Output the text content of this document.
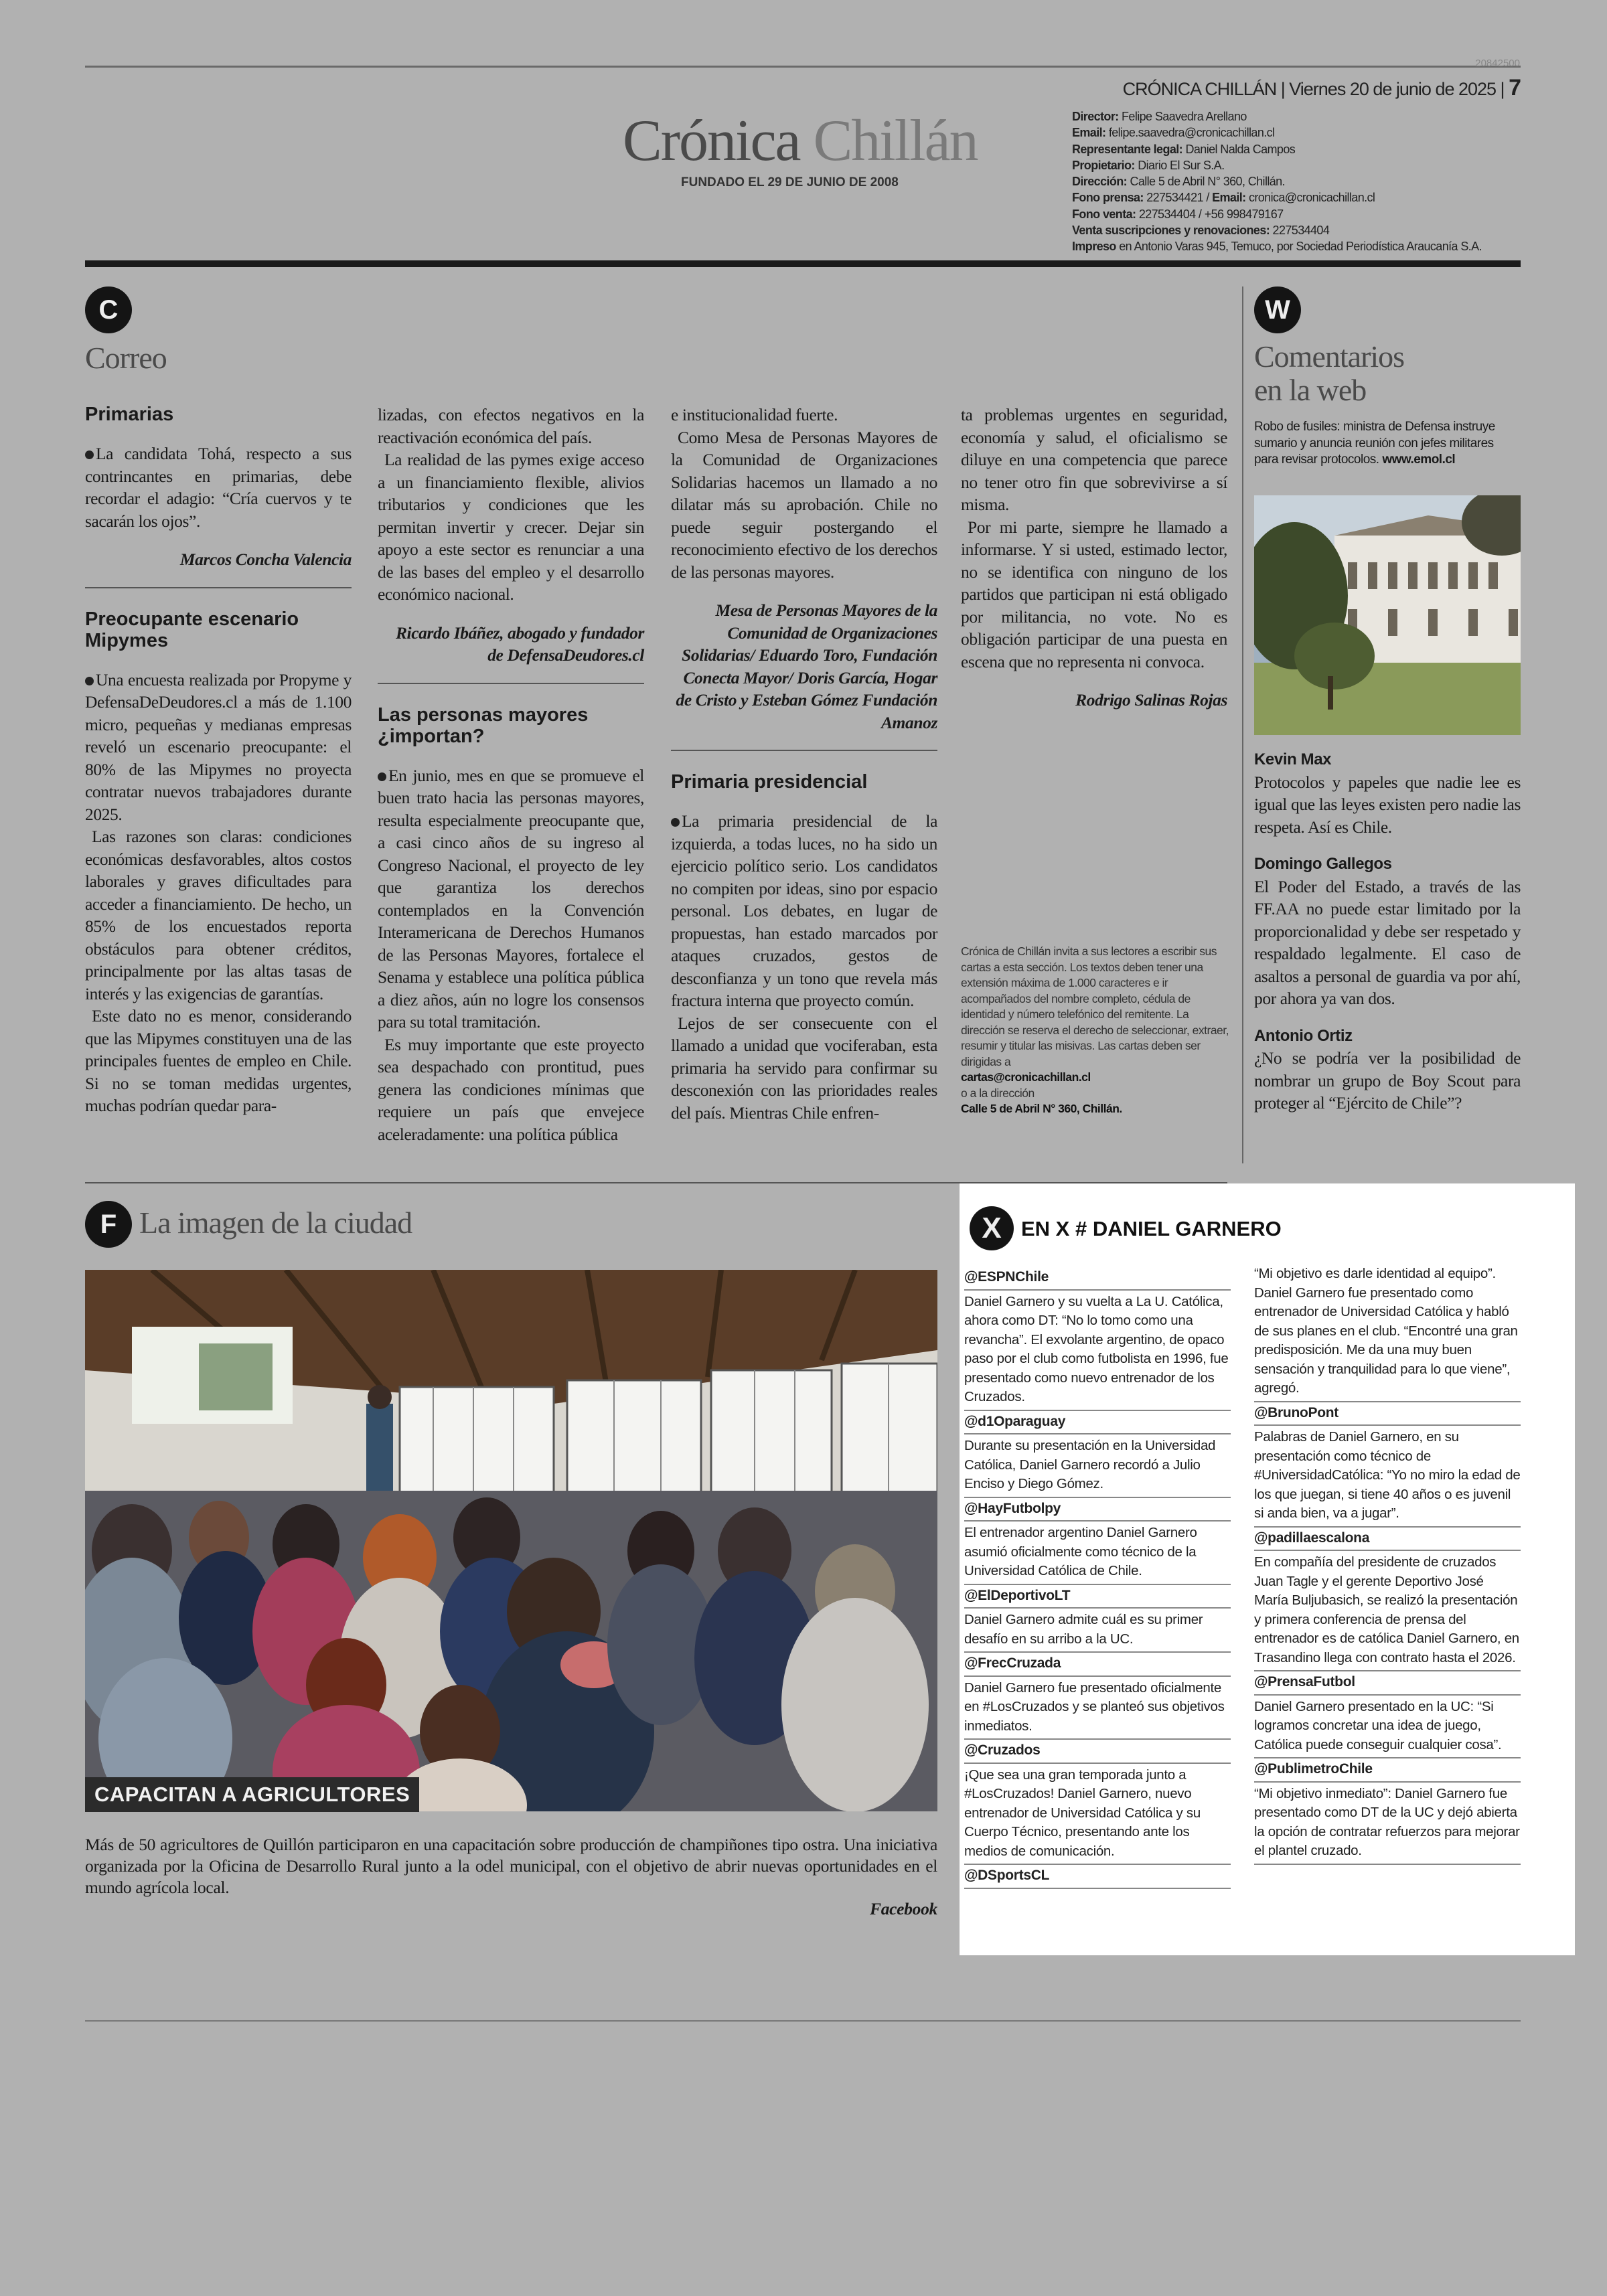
20842500
CRÓNICA CHILLÁN | Viernes 20 de junio de 2025 | 7
Crónica Chillán
FUNDADO EL 29 DE JUNIO DE 2008
Director: Felipe Saavedra Arellano
Email: felipe.saavedra@cronicachillan.cl
Representante legal: Daniel Nalda Campos
Propietario: Diario El Sur S.A.
Dirección: Calle 5 de Abril N° 360, Chillán.
Fono prensa: 227534421 / Email: cronica@cronicachillan.cl
Fono venta: 227534404 / +56 998479167
Venta suscripciones y renovaciones: 227534404
Impreso en Antonio Varas 945, Temuco, por Sociedad Periodística Araucanía S.A.
C
Correo
Primarias

La candidata Tohá, respecto a sus contrincantes en primarias, debe recordar el adagio: “Cría cuervos y te sacarán los ojos”.

Marcos Concha Valencia
Preocupante escenario Mipymes

Una encuesta realizada por Propyme y DefensaDeDeudores.cl a más de 1.100 micro, pequeñas y medianas empresas reveló un escenario preocupante: el 80% de las Mipymes no proyecta contratar nuevos trabajadores durante 2025.

Las razones son claras: condiciones económicas desfavorables, altos costos laborales y graves dificultades para acceder a financiamiento. De hecho, un 85% de los encuestados reporta obstáculos para obtener créditos, principalmente por las altas tasas de interés y las exigencias de garantías.

Este dato no es menor, considerando que las Mipymes constituyen una de las principales fuentes de empleo en Chile. Si no se toman medidas urgentes, muchas podrían quedar para-

lizadas, con efectos negativos en la reactivación económica del país.

La realidad de las pymes exige acceso a un financiamiento flexible, alivios tributarios y condiciones que les permitan invertir y crecer. Dejar sin apoyo a este sector es renunciar a una de las bases del empleo y el desarrollo económico nacional.

Ricardo Ibáñez, abogado y fundador de DefensaDeudores.cl
Las personas mayores ¿importan?

En junio, mes en que se promueve el buen trato hacia las personas mayores, resulta especialmente preocupante que, a casi cinco años de su ingreso al Congreso Nacional, el proyecto de ley que garantiza los derechos contemplados en la Convención Interamericana de Derechos Humanos de las Personas Mayores, fortalece el Senama y establece una política pública a diez años, aún no logre los consensos para su total tramitación.

Es muy importante que este proyecto sea despachado con prontitud, pues genera las condiciones mínimas que requiere un país que envejece aceleradamente: una política pública

e institucionalidad fuerte.

Como Mesa de Personas Mayores de la Comunidad de Organizaciones Solidarias hacemos un llamado a no dilatar más su aprobación. Chile no puede seguir postergando el reconocimiento efectivo de los derechos de las personas mayores.

Mesa de Personas Mayores de la Comunidad de Organizaciones Solidarias/ Eduardo Toro, Fundación Conecta Mayor/ Doris García, Hogar de Cristo y Esteban Gómez Fundación Amanoz
Primaria presidencial

La primaria presidencial de la izquierda, a todas luces, no ha sido un ejercicio político serio. Los candidatos no compiten por ideas, sino por espacio personal. Los debates, en lugar de propuestas, han estado marcados por ataques cruzados, gestos de desconfianza y un tono que revela más fractura interna que proyecto común.

Lejos de ser consecuente con el llamado a unidad que vociferaban, esta primaria ha servido para confirmar su desconexión con las prioridades reales del país. Mientras Chile enfren-

ta problemas urgentes en seguridad, economía y salud, el oficialismo se diluye en una competencia que parece no tener otro fin que sobrevivirse a sí misma.

Por mi parte, siempre he llamado a informarse. Y si usted, estimado lector, no se identifica con ninguno de los partidos que participan ni está obligado por militancia, no vote. No es obligación participar de una puesta en escena que no representa ni convoca.

Rodrigo Salinas Rojas
Crónica de Chillán invita a sus lectores a escribir sus cartas a esta sección. Los textos deben tener una extensión máxima de 1.000 caracteres e ir acompañados del nombre completo, cédula de identidad y número telefónico del remitente. La dirección se reserva el derecho de seleccionar, extraer, resumir y titular las misivas. Las cartas deben ser dirigidas a
cartas@cronicachillan.cl
o a la dirección
Calle 5 de Abril N° 360, Chillán.
W
Comentarios
en la web
Robo de fusiles: ministra de Defensa instruye sumario y anuncia reunión con jefes militares para revisar protocolos. www.emol.cl
Kevin Max
Protocolos y papeles que nadie lee es igual que las leyes existen pero nadie las respeta. Así es Chile.
Domingo Gallegos
El Poder del Estado, a través de las FF.AA no puede estar limitado por la proporcionalidad y debe ser respetado y respaldado legalmente. El caso de asaltos a personal de guardia va por ahí, por ahora ya van dos.
Antonio Ortiz
¿No se podría ver la posibilidad de nombrar un grupo de Boy Scout para proteger al “Ejército de Chile”?
F La imagen de la ciudad
CAPACITAN A AGRICULTORES
Más de 50 agricultores de Quillón participaron en una capacitación sobre producción de champiñones tipo ostra. Una iniciativa organizada por la Oficina de Desarrollo Rural junto a la odel municipal, con el objetivo de abrir nuevas oportunidades en el mundo agrícola local.
Facebook
X EN X # DANIEL GARNERO
@ESPNChile
Daniel Garnero y su vuelta a La U. Católica, ahora como DT: “No lo tomo como una revancha”. El exvolante argentino, de opaco paso por el club como futbolista en 1996, fue presentado como nuevo entrenador de los Cruzados.
@d1Oparaguay
Durante su presentación en la Universidad Católica, Daniel Garnero recordó a Julio Enciso y Diego Gómez.
@HayFutbolpy
El entrenador argentino Daniel Garnero asumió oficialmente como técnico de la Universidad Católica de Chile.
@ElDeportivoLT
Daniel Garnero admite cuál es su primer desafío en su arribo a la UC.
@FrecCruzada
Daniel Garnero fue presentado oficialmente en #LosCruzados y se planteó sus objetivos inmediatos.
@Cruzados
¡Que sea una gran temporada junto a #LosCruzados! Daniel Garnero, nuevo entrenador de Universidad Católica y su Cuerpo Técnico, presentando ante los medios de comunicación.
@DSportsCL
“Mi objetivo es darle identidad al equipo”. Daniel Garnero fue presentado como entrenador de Universidad Católica y habló de sus planes en el club. “Encontré una gran predisposición. Me da una muy buen sensación y tranquilidad para lo que viene”, agregó.
@BrunoPont
Palabras de Daniel Garnero, en su presentación como técnico de #UniversidadCatólica: “Yo no miro la edad de los que juegan, si tiene 40 años o es juvenil si anda bien, va a jugar”.
@padillaescalona
En compañía del presidente de cruzados Juan Tagle y el gerente Deportivo José María Buljubasich, se realizó la presentación y primera conferencia de prensa del entrenador es de católica Daniel Garnero, en Trasandino llega con contrato hasta el 2026.
@PrensaFutbol
Daniel Garnero presentado en la UC: “Si logramos concretar una idea de juego, Católica puede conseguir cualquier cosa”.
@PublimetroChile
“Mi objetivo inmediato”: Daniel Garnero fue presentado como DT de la UC y dejó abierta la opción de contratar refuerzos para mejorar el plantel cruzado.
